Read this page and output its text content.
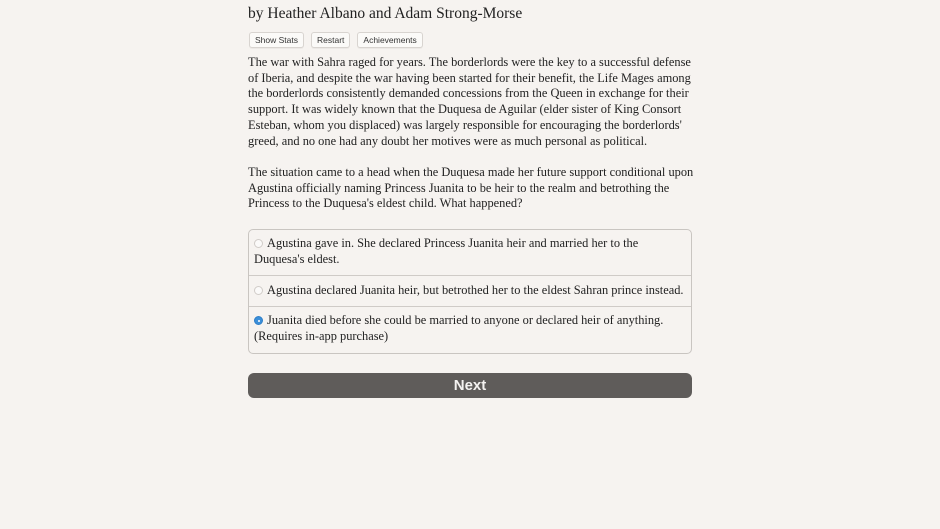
by Heather Albano and Adam Strong-Morse
Show Stats	Restart	Achievements

The war with Sahra raged for years. The borderlords were the key to a successful defense of Iberia, and despite the war having been started for their benefit, the Life Mages among the borderlords consistently demanded concessions from the Queen in exchange for their support. It was widely known that the Duquesa de Aguilar (elder sister of King Consort Esteban, whom you displaced) was largely responsible for encouraging the borderlords' greed, and no one had any doubt her motives were as much personal as political.

The situation came to a head when the Duquesa made her future support conditional upon Agustina officially naming Princess Juanita to be heir to the realm and betrothing the Princess to the Duquesa's eldest child. What happened?

Agustina gave in. She declared Princess Juanita heir and married her to the Duquesa's eldest.
Agustina declared Juanita heir, but betrothed her to the eldest Sahran prince instead.
Juanita died before she could be married to anyone or declared heir of anything. (Requires in-app purchase)
Next
